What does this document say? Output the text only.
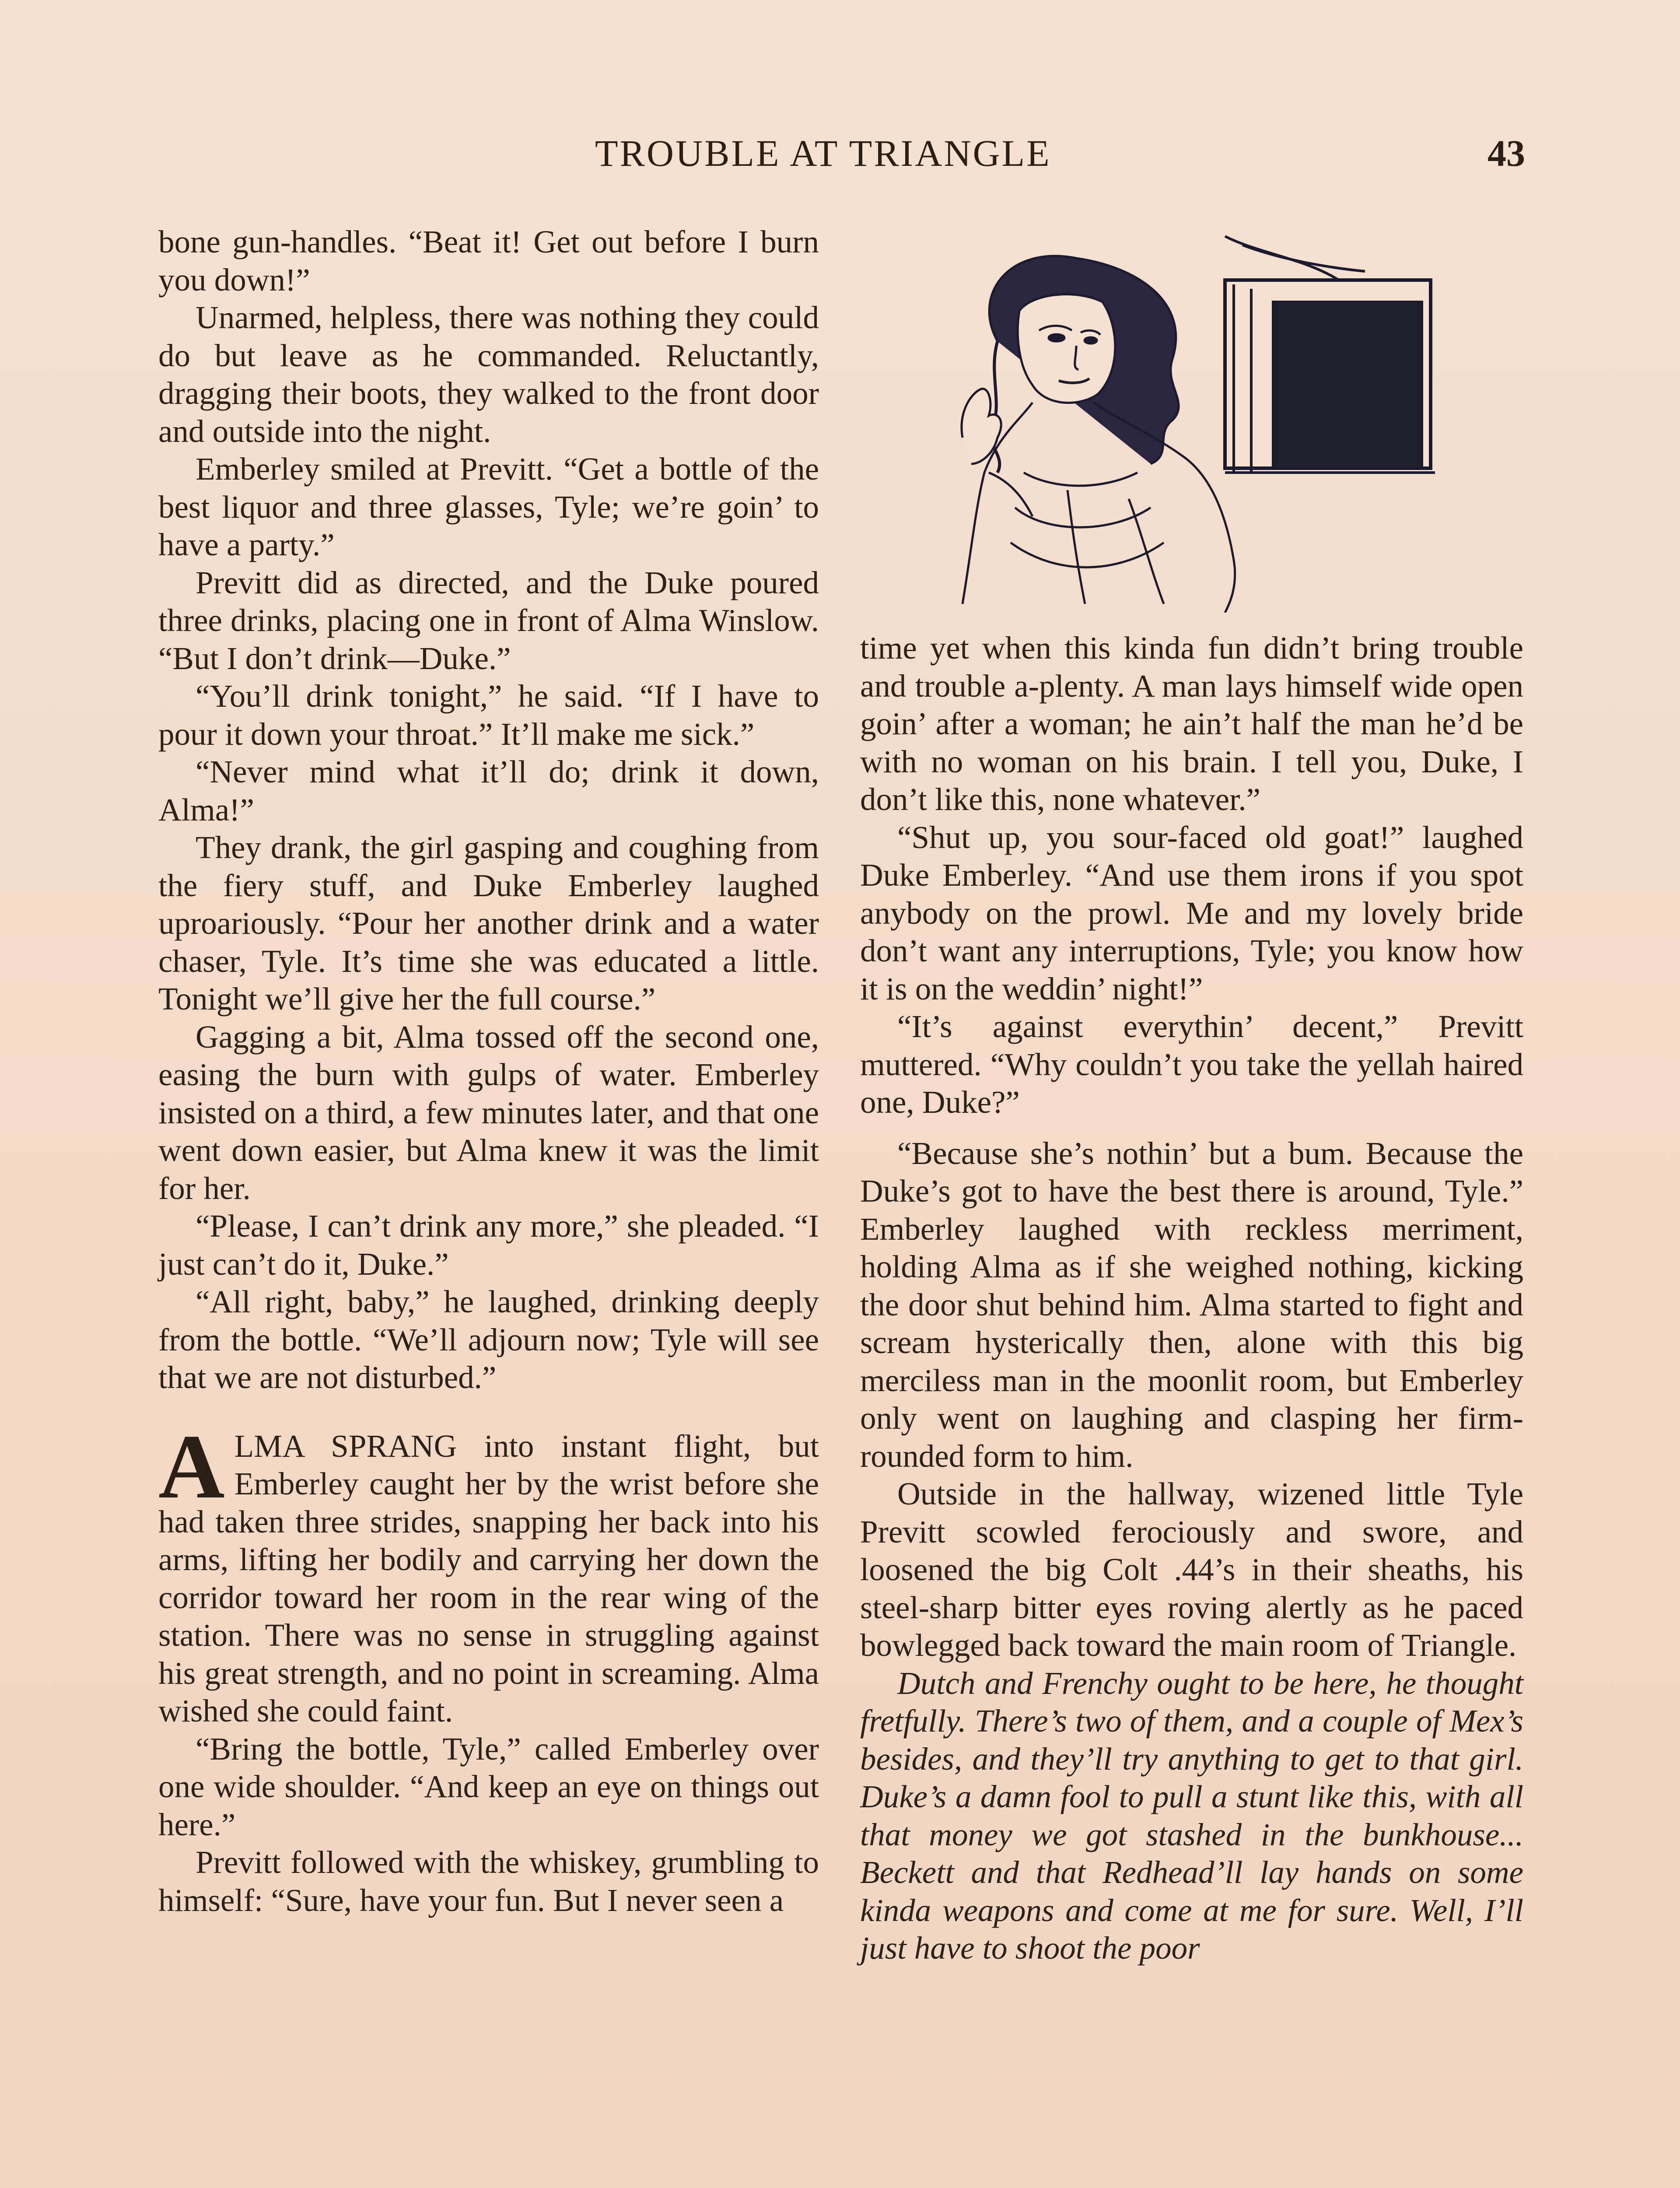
TROUBLE AT TRIANGLE	43

bone gun-handles. “Beat it! Get out before I burn you down!”

Unarmed, helpless, there was nothing they could do but leave as he commanded. Reluctantly, dragging their boots, they walked to the front door and outside into the night.

Emberley smiled at Previtt. “Get a bottle of the best liquor and three glasses, Tyle; we’re goin’ to have a party.”

Previtt did as directed, and the Duke poured three drinks, placing one in front of Alma Winslow. “But I don’t drink—Duke.”

“You’ll drink tonight,” he said. “If I have to pour it down your throat.” It’ll make me sick.”

“Never mind what it’ll do; drink it down, Alma!”

They drank, the girl gasping and coughing from the fiery stuff, and Duke Emberley laughed uproariously. “Pour her another drink and a water chaser, Tyle. It’s time she was educated a little. Tonight we’ll give her the full course.”

Gagging a bit, Alma tossed off the second one, easing the burn with gulps of water. Emberley insisted on a third, a few minutes later, and that one went down easier, but Alma knew it was the limit for her.

“Please, I can’t drink any more,” she pleaded. “I just can’t do it, Duke.”

“All right, baby,” he laughed, drinking deeply from the bottle. “We’ll adjourn now; Tyle will see that we are not disturbed.”

ALMA SPRANG into instant flight, but Emberley caught her by the wrist before she had taken three strides, snapping her back into his arms, lifting her bodily and carrying her down the corridor toward her room in the rear wing of the station. There was no sense in struggling against his great strength, and no point in screaming. Alma wished she could faint.

“Bring the bottle, Tyle,” called Emberley over one wide shoulder. “And keep an eye on things out here.”

Previtt followed with the whiskey, grumbling to himself: “Sure, have your fun. But I never seen a

time yet when this kinda fun didn’t bring trouble and trouble a-plenty. A man lays himself wide open goin’ after a woman; he ain’t half the man he’d be with no woman on his brain. I tell you, Duke, I don’t like this, none whatever.”

“Shut up, you sour-faced old goat!” laughed Duke Emberley. “And use them irons if you spot anybody on the prowl. Me and my lovely bride don’t want any interruptions, Tyle; you know how it is on the weddin’ night!”

“It’s against everythin’ decent,” Previtt muttered. “Why couldn’t you take the yellah haired one, Duke?”

“Because she’s nothin’ but a bum. Because the Duke’s got to have the best there is around, Tyle.” Emberley laughed with reckless merriment, holding Alma as if she weighed nothing, kicking the door shut behind him. Alma started to fight and scream hysterically then, alone with this big merciless man in the moonlit room, but Emberley only went on laughing and clasping her firm-rounded form to him.

Outside in the hallway, wizened little Tyle Previtt scowled ferociously and swore, and loosened the big Colt .44’s in their sheaths, his steel-sharp bitter eyes roving alertly as he paced bowlegged back toward the main room of Triangle.

Dutch and Frenchy ought to be here, he thought fretfully. There’s two of them, and a couple of Mex’s besides, and they’ll try anything to get to that girl. Duke’s a damn fool to pull a stunt like this, with all that money we got stashed in the bunkhouse... Beckett and that Redhead’ll lay hands on some kinda weapons and come at me for sure. Well, I’ll just have to shoot the poor
